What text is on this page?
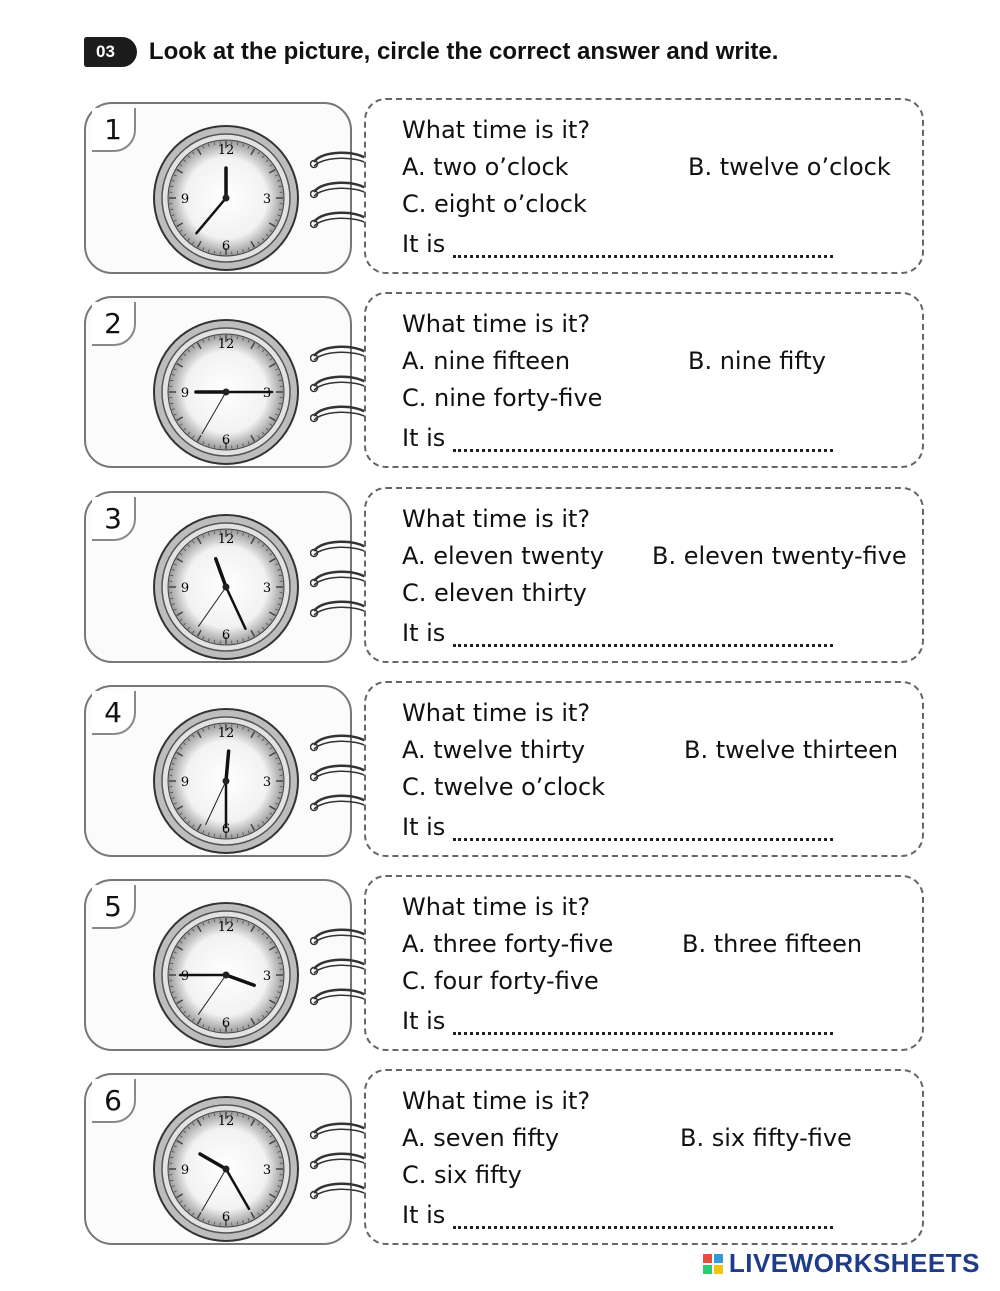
03	Look at the picture, circle the correct answer and write.
1
12
3
6
9
What time is it?
A. two o’clock	B. twelve o’clock
C. eight o’clock
It is
2
12
3
6
9
What time is it?
A. nine fifteen	B. nine fifty
C. nine forty-five
It is
3
12
3
6
9
What time is it?
A. eleven twenty B. eleven twenty-five
C. eleven thirty
It is
4
12
3
6
9
What time is it?
A. twelve thirty	B. twelve thirteen
C. twelve o’clock
It is
5
12
3
6
9
What time is it?
A. three forty-five	B. three fifteen
C. four forty-five
It is
6
12
3
6
9
What time is it?
A. seven fifty	B. six fifty-five
C. six fifty
It is
LIVEWORKSHEETS
